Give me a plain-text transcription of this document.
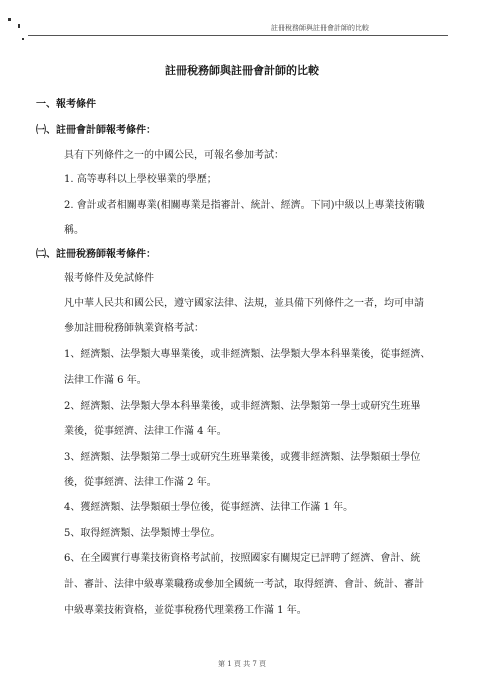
註冊稅務師與註冊會計師的比較
註冊稅務師與註冊會計師的比較
一、報考條件
㈠、註冊會計師報考條件：
具有下列條件之一的中國公民，可報名參加考試：
1. 高等專科以上學校畢業的學歷；
2. 會計或者相關專業(相關專業是指審計、統計、經濟。下同)中級以上專業技術職
稱。
㈡、註冊稅務師報考條件：
報考條件及免試條件
凡中華人民共和國公民，遵守國家法律、法規，並具備下列條件之一者，均可申請
參加註冊稅務師執業資格考試：
1、經濟類、法學類大專畢業後，或非經濟類、法學類大學本科畢業後，從事經濟、
法律工作滿 6 年。
2、經濟類、法學類大學本科畢業後，或非經濟類、法學類第一學士或研究生班畢
業後，從事經濟、法律工作滿 4 年。
3、經濟類、法學類第二學士或研究生班畢業後，或獲非經濟類、法學類碩士學位
後，從事經濟、法律工作滿 2 年。
4、獲經濟類、法學類碩士學位後，從事經濟、法律工作滿 1 年。
5、取得經濟類、法學類博士學位。
6、在全國實行專業技術資格考試前，按照國家有關規定已評聘了經濟、會計、統
計、審計、法律中級專業職務或參加全國統一考試，取得經濟、會計、統計、審計
中級專業技術資格，並從事稅務代理業務工作滿 1 年。
第 1 頁 共 7 頁
